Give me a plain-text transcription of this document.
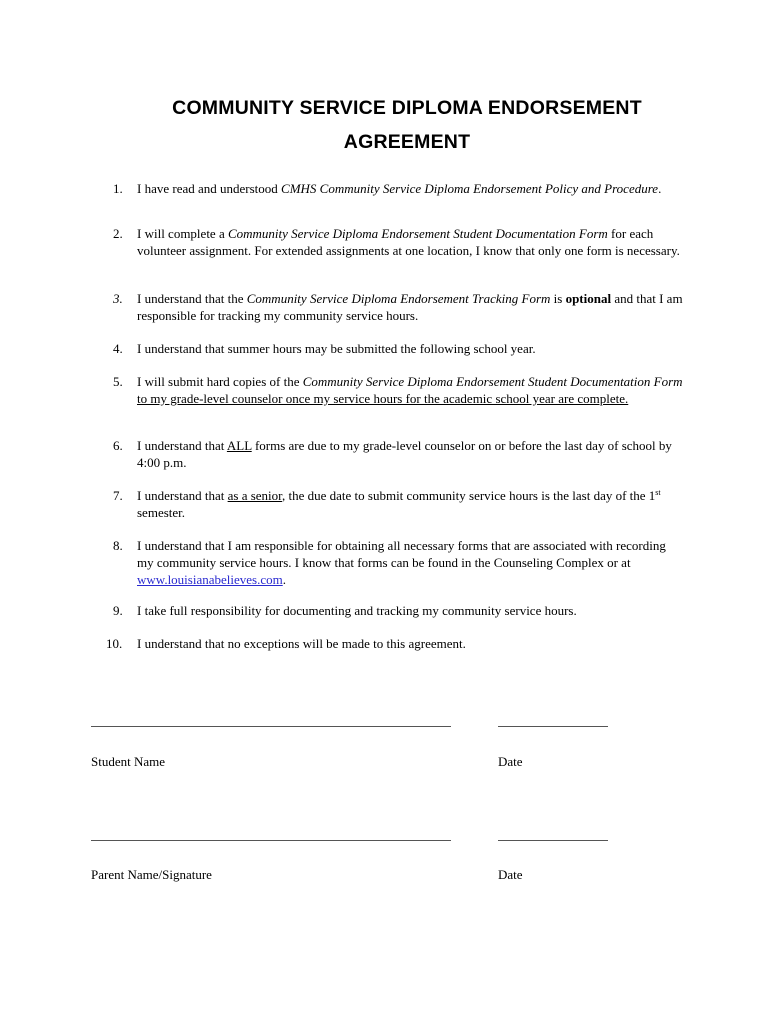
COMMUNITY SERVICE DIPLOMA ENDORSEMENT
AGREEMENT
1. I have read and understood CMHS Community Service Diploma Endorsement Policy and Procedure.
2. I will complete a Community Service Diploma Endorsement Student Documentation Form for each volunteer assignment. For extended assignments at one location, I know that only one form is necessary.
3. I understand that the Community Service Diploma Endorsement Tracking Form is optional and that I am responsible for tracking my community service hours.
4. I understand that summer hours may be submitted the following school year.
5. I will submit hard copies of the Community Service Diploma Endorsement Student Documentation Form to my grade-level counselor once my service hours for the academic school year are complete.
6. I understand that ALL forms are due to my grade-level counselor on or before the last day of school by 4:00 p.m.
7. I understand that as a senior, the due date to submit community service hours is the last day of the 1st semester.
8. I understand that I am responsible for obtaining all necessary forms that are associated with recording my community service hours. I know that forms can be found in the Counseling Complex or at www.louisianabelieves.com.
9. I take full responsibility for documenting and tracking my community service hours.
10. I understand that no exceptions will be made to this agreement.
Student Name	Date
Parent Name/Signature	Date
